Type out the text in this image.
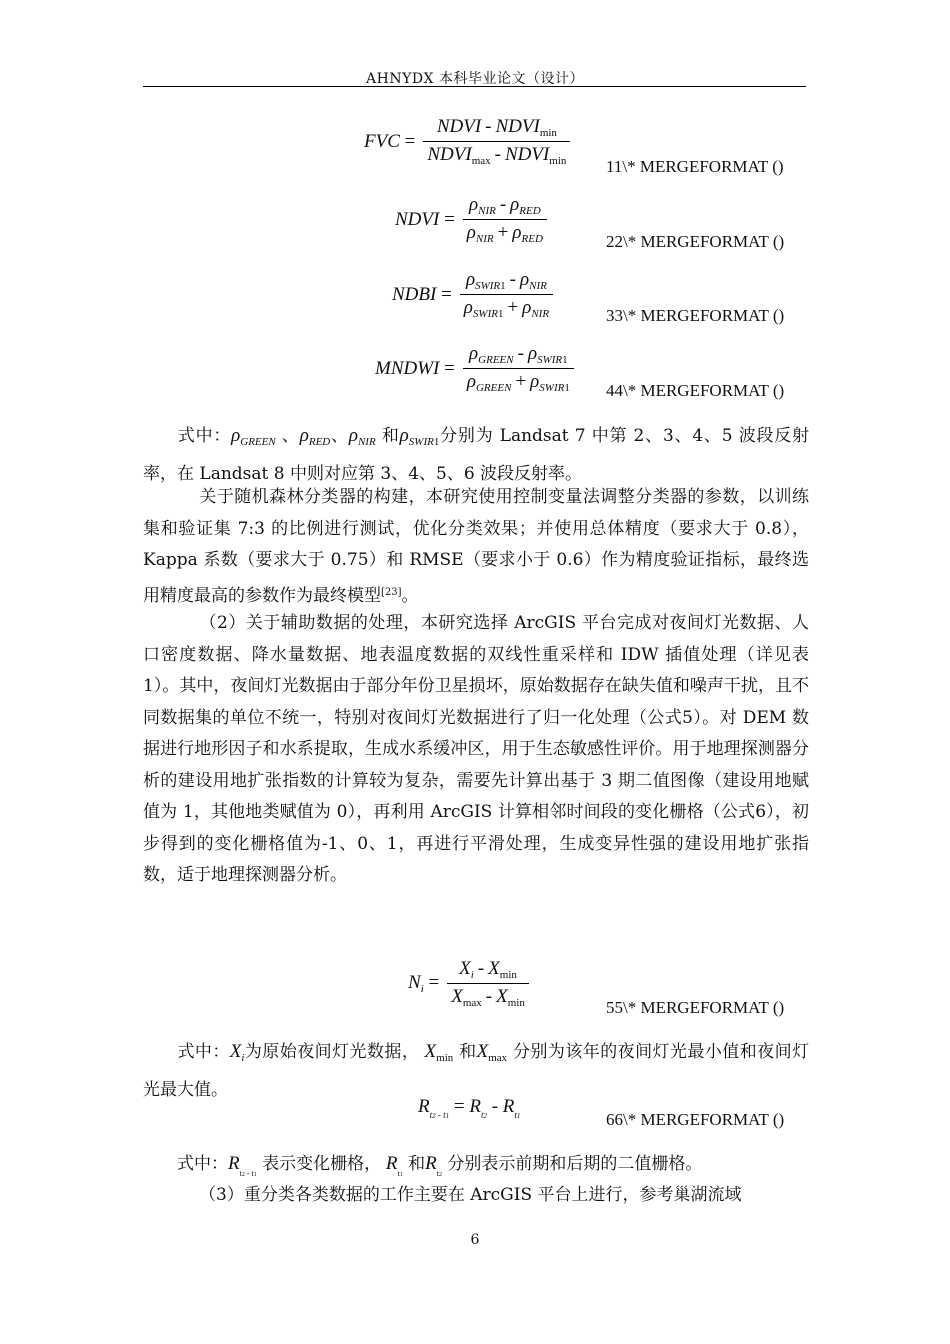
AHNYDX 本科毕业论文（设计）
FVC = $\frac{NDVI - NDVI_{min}}{NDVI_{max} - NDVI_{min}}$ 11\* MERGEFORMAT ()
NDVI = $\frac{\rho_{NIR} - \rho_{RED}}{\rho_{NIR} + \rho_{RED}}$	22\* MERGEFORMAT ()
NDBI = $\frac{\rho_{SWIR1} - \rho_{NIR}}{\rho_{SWIR1} + \rho_{NIR}}$	33\* MERGEFORMAT ()
MNDWI = $\frac{\rho_{GREEN} - \rho_{SWIR1}}{\rho_{GREEN} + \rho_{SWIR1}}$ 44\* MERGEFORMAT ()
式中：$\rho_{GREEN}$ 、$\rho_{RED}$、$\rho_{NIR}$ 和$\rho_{SWIR1}$分别为 Landsat 7 中第 2、3、4、5 波段反射率，在 Landsat 8 中则对应第 3、4、5、6 波段反射率。
关于随机森林分类器的构建，本研究使用控制变量法调整分类器的参数，以训练集和验证集 7:3 的比例进行测试，优化分类效果；并使用总体精度（要求大于 0.8），Kappa 系数（要求大于 0.75）和 RMSE（要求小于 0.6）作为精度验证指标，最终选用精度最高的参数作为最终模型[23]。
（2）关于辅助数据的处理，本研究选择 ArcGIS 平台完成对夜间灯光数据、人口密度数据、降水量数据、地表温度数据的双线性重采样和 IDW 插值处理（详见表 1）。其中，夜间灯光数据由于部分年份卫星损坏，原始数据存在缺失值和噪声干扰，且不同数据集的单位不统一，特别对夜间灯光数据进行了归一化处理（公式5）。对 DEM 数据进行地形因子和水系提取，生成水系缓冲区，用于生态敏感性评价。用于地理探测器分析的建设用地扩张指数的计算较为复杂，需要先计算出基于 3 期二值图像（建设用地赋值为 1，其他地类赋值为 0），再利用 ArcGIS 计算相邻时间段的变化栅格（公式6），初步得到的变化栅格值为-1、0、1，再进行平滑处理，生成变异性强的建设用地扩张指数，适于地理探测器分析。
$N_i = \frac{X_i - X_{min}}{X_{max} - X_{min}}$	55\* MERGEFORMAT ()
式中：$X_i$为原始夜间灯光数据， $X_{min}$ 和$X_{max}$ 分别为该年的夜间灯光最小值和夜间灯光最大值。
$R_{t2 - t1} = R_{t2} - R_{t1}$	66\* MERGEFORMAT ()
式中：$R_{t2 - t1}$ 表示变化栅格， $R_{t1}$ 和$R_{t2}$ 分别表示前期和后期的二值栅格。
（3）重分类各类数据的工作主要在 ArcGIS 平台上进行，参考巢湖流域
6
